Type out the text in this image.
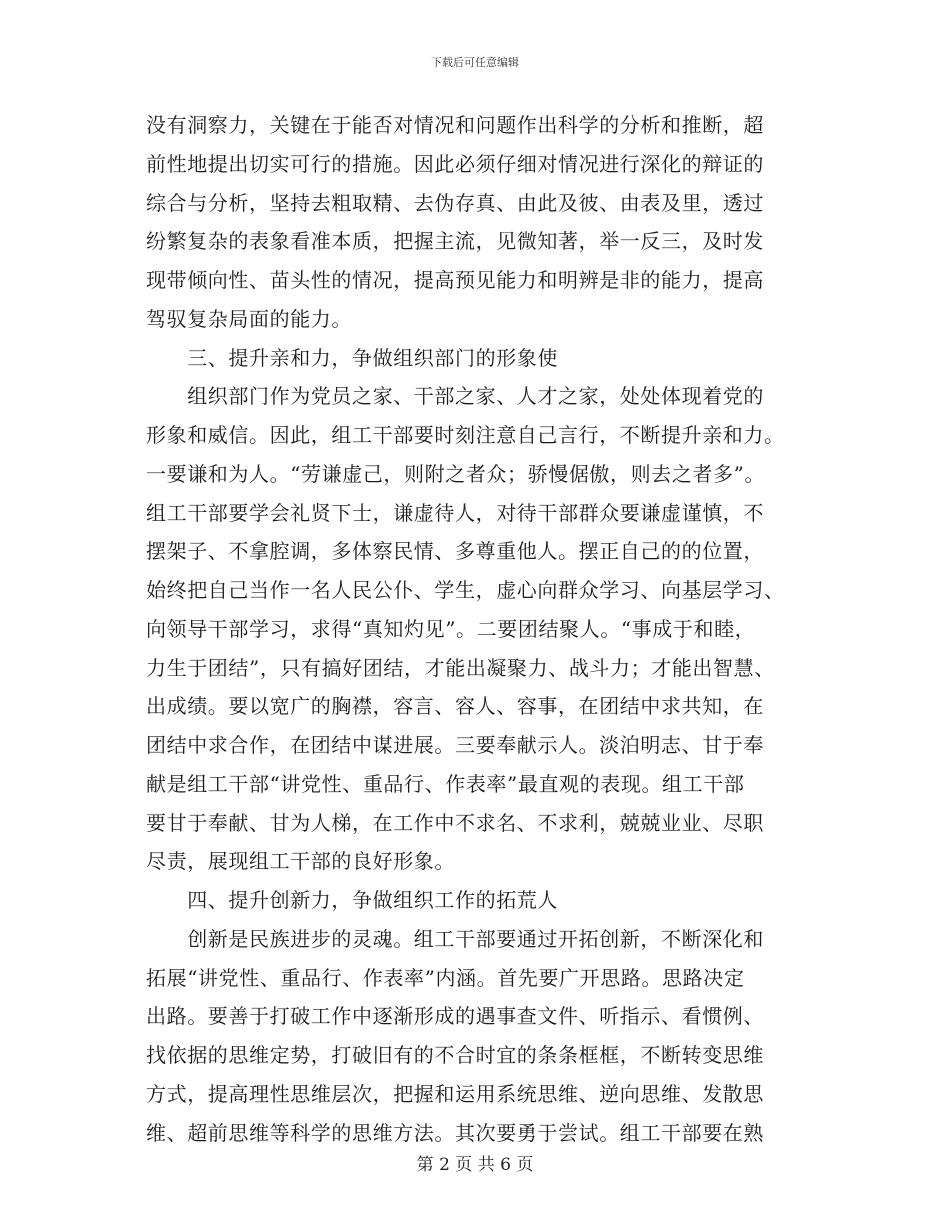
下载后可任意编辑
没有洞察力，关键在于能否对情况和问题作出科学的分析和推断，超
前性地提出切实可行的措施。因此必须仔细对情况进行深化的辩证的
综合与分析，坚持去粗取精、去伪存真、由此及彼、由表及里，透过
纷繁复杂的表象看准本质，把握主流，见微知著，举一反三，及时发
现带倾向性、苗头性的情况，提高预见能力和明辨是非的能力，提高
驾驭复杂局面的能力。
　　三、提升亲和力，争做组织部门的形象使
　　组织部门作为党员之家、干部之家、人才之家，处处体现着党的
形象和威信。因此，组工干部要时刻注意自己言行，不断提升亲和力。
一要谦和为人。“劳谦虚己，则附之者众；骄慢倨傲，则去之者多”。
组工干部要学会礼贤下士，谦虚待人，对待干部群众要谦虚谨慎，不
摆架子、不拿腔调，多体察民情、多尊重他人。摆正自己的的位置，
始终把自己当作一名人民公仆、学生，虚心向群众学习、向基层学习、
向领导干部学习，求得“真知灼见”。二要团结聚人。“事成于和睦，
力生于团结”，只有搞好团结，才能出凝聚力、战斗力；才能出智慧、
出成绩。要以宽广的胸襟，容言、容人、容事，在团结中求共知，在
团结中求合作，在团结中谋进展。三要奉献示人。淡泊明志、甘于奉
献是组工干部“讲党性、重品行、作表率”最直观的表现。组工干部
要甘于奉献、甘为人梯，在工作中不求名、不求利，兢兢业业、尽职
尽责，展现组工干部的良好形象。
　　四、提升创新力，争做组织工作的拓荒人
　　创新是民族进步的灵魂。组工干部要通过开拓创新，不断深化和
拓展“讲党性、重品行、作表率”内涵。首先要广开思路。思路决定
出路。要善于打破工作中逐渐形成的遇事查文件、听指示、看惯例、
找依据的思维定势，打破旧有的不合时宜的条条框框，不断转变思维
方式，提高理性思维层次，把握和运用系统思维、逆向思维、发散思
维、超前思维等科学的思维方法。其次要勇于尝试。组工干部要在熟
第 2 页 共 6 页
